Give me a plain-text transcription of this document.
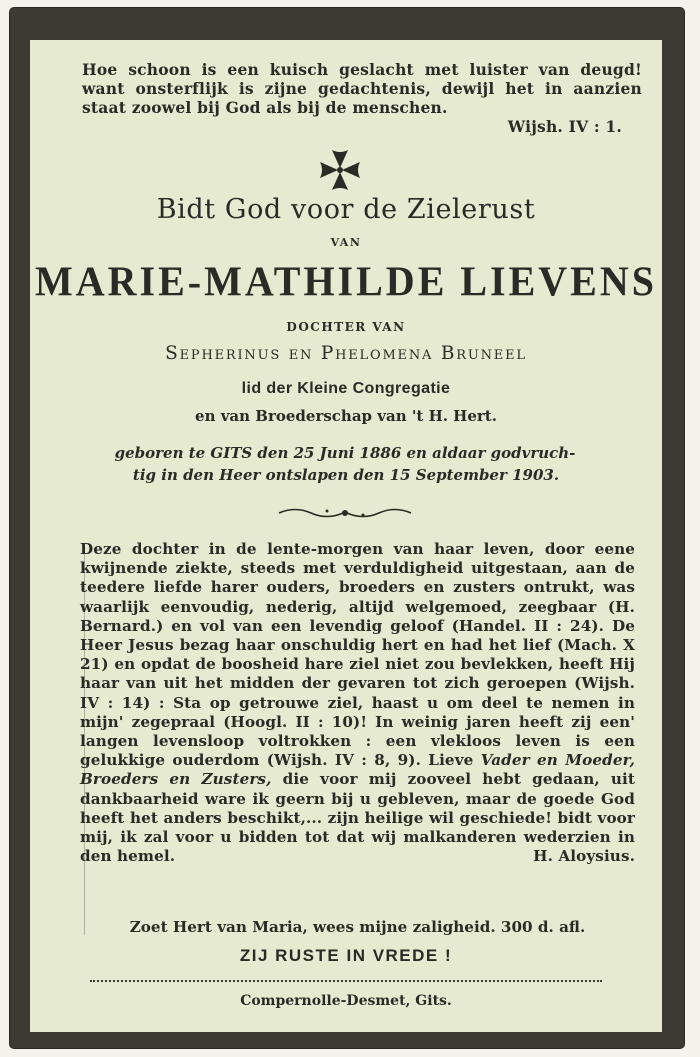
Hoe schoon is een kuisch geslacht met luister van deugd! want onsterflijk is zijne gedachtenis, dewijl het in aanzien staat zoowel bij God als bij de menschen.
Wijsh. IV : 1.
Bidt God voor de Zielerust
VAN
MARIE-MATHILDE LIEVENS
DOCHTER VAN
Sepherinus en Phelomena Bruneel
lid der Kleine Congregatie
en van Broederschap van 't H. Hert.
geboren te GITS den 25 Juni 1886 en aldaar godvruch-
tig in den Heer ontslapen den 15 September 1903.
Deze dochter in de lente-morgen van haar leven, door eene kwijnende ziekte, steeds met verduldigheid uitgestaan, aan de teedere liefde harer ouders, broeders en zusters ontrukt, was waarlijk eenvoudig, nederig, altijd welgemoed, zeegbaar (H. Bernard.) en vol van een levendig geloof (Handel. II : 24). De Heer Jesus bezag haar onschuldig hert en had het lief (Mach. X 21) en opdat de boosheid hare ziel niet zou bevlekken, heeft Hij haar van uit het midden der gevaren tot zich geroepen (Wijsh. IV : 14) : Sta op getrouwe ziel, haast u om deel te nemen in mijn' zegepraal (Hoogl. II : 10)! In weinig jaren heeft zij een' langen levensloop voltrokken : een vlekloos leven is een gelukkige ouderdom (Wijsh. IV : 8, 9). Lieve Vader en Moeder, Broeders en Zusters, die voor mij zooveel hebt gedaan, uit dankbaarheid ware ik geern bij u gebleven, maar de goede God heeft het anders beschikt,... zijn heilige wil geschiede! bidt voor mij, ik zal voor u bidden tot dat wij malkanderen wederzien in den hemel.	H. Aloysius.
Zoet Hert van Maria, wees mijne zaligheid. 300 d. afl.
ZIJ RUSTE IN VREDE !
Compernolle-Desmet, Gits.
